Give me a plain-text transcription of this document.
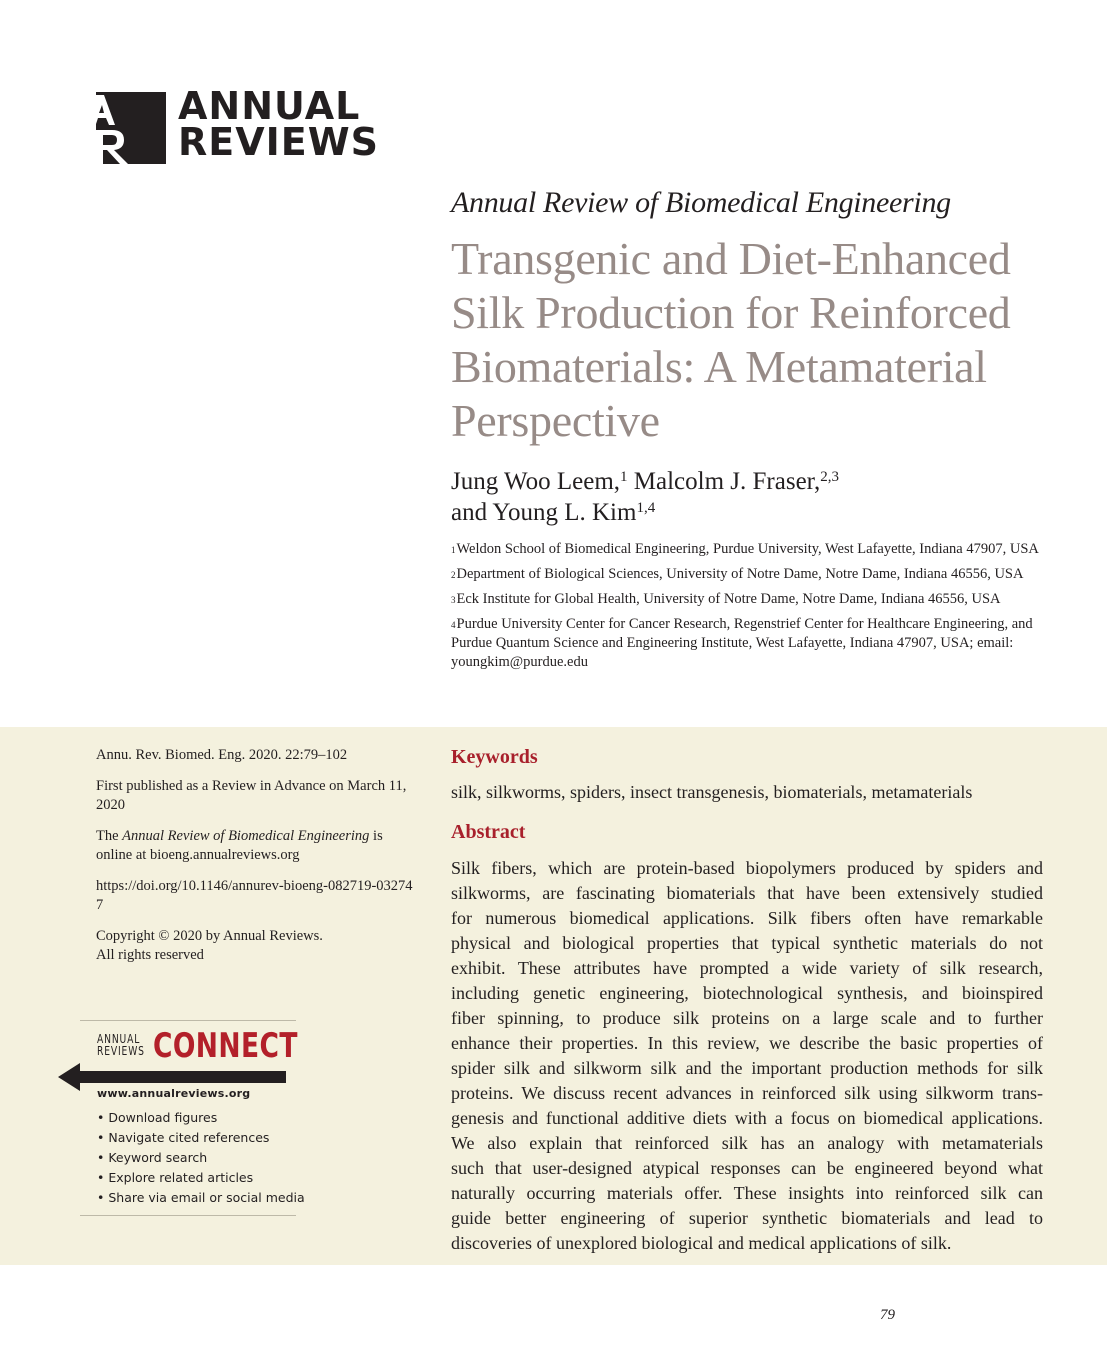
ANNUAL
REVIEWS
Annual Review of Biomedical Engineering
Transgenic and Diet-Enhanced
Silk Production for Reinforced
Biomaterials: A Metamaterial
Perspective
Jung Woo Leem,$^1$ Malcolm J. Fraser,$^{2,3}$
and Young L. Kim$^{1,4}$
$^1$Weldon School of Biomedical Engineering, Purdue University, West Lafayette, Indiana 47907, USA
$^2$Department of Biological Sciences, University of Notre Dame, Notre Dame, Indiana 46556, USA
$^3$Eck Institute for Global Health, University of Notre Dame, Notre Dame, Indiana 46556, USA
$^4$Purdue University Center for Cancer Research, Regenstrief Center for Healthcare Engineering, and Purdue Quantum Science and Engineering Institute, West Lafayette, Indiana 47907, USA; email: youngkim@purdue.edu

Annu. Rev. Biomed. Eng. 2020. 22:79–102

First published as a Review in Advance on March 11, 2020

The Annual Review of Biomedical Engineering is online at bioeng.annualreviews.org

https://doi.org/10.1146/annurev-bioeng-082719-032747

Copyright © 2020 by Annual Reviews.
All rights reserved

ANNUAL
REVIEWS CONNECT
www.annualreviews.org
• Download figures
• Navigate cited references
• Keyword search
• Explore related articles
• Share via email or social media
Keywords
silk, silkworms, spiders, insect transgenesis, biomaterials, metamaterials
Abstract
Silk fibers, which are protein-based biopolymers produced by spiders and
silkworms, are fascinating biomaterials that have been extensively studied
for numerous biomedical applications. Silk fibers often have remarkable
physical and biological properties that typical synthetic materials do not
exhibit. These attributes have prompted a wide variety of silk research,
including genetic engineering, biotechnological synthesis, and bioinspired
fiber spinning, to produce silk proteins on a large scale and to further
enhance their properties. In this review, we describe the basic properties of
spider silk and silkworm silk and the important production methods for silk
proteins. We discuss recent advances in reinforced silk using silkworm trans-
genesis and functional additive diets with a focus on biomedical applications.
We also explain that reinforced silk has an analogy with metamaterials
such that user-designed atypical responses can be engineered beyond what
naturally occurring materials offer. These insights into reinforced silk can
guide better engineering of superior synthetic biomaterials and lead to
discoveries of unexplored biological and medical applications of silk.
79
